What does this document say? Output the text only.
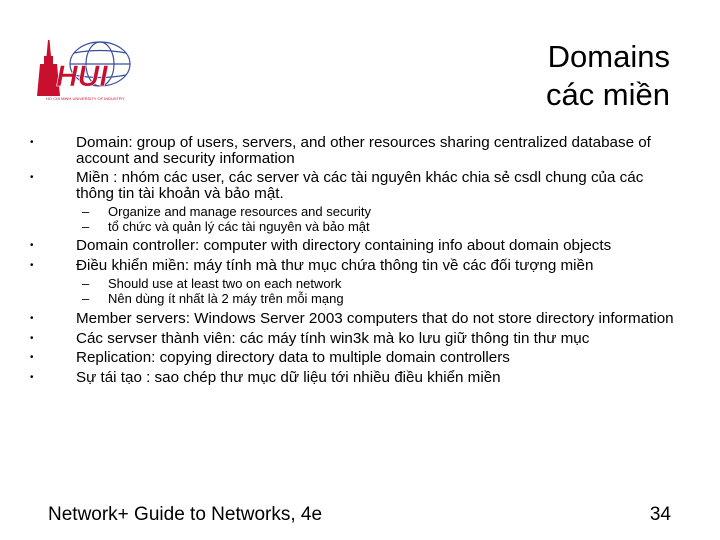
HUI
HO CHI MINH UNIVERSITY OF INDUSTRY
Domains
các miền
•	Domain: group of users, servers, and other resources sharing centralized database of account and security information
•	Miền : nhóm các user, các server và các tài nguyên khác chia sẻ csdl chung của các thông tin tài khoản và bảo mật.
– Organize and manage resources and security
– tổ chức và quản lý các tài nguyên và bảo mật
•	Domain controller: computer with directory containing info about domain objects
•	Điều khiển miền: máy tính mà thư mục chứa thông tin về các đối tượng miền
– Should use at least two on each network
– Nên dùng ít nhất là 2 máy trên mỗi mạng
•	Member servers: Windows Server 2003 computers that do not store directory information
•	Các servser thành viên: các máy tính win3k mà ko lưu giữ thông tin thư mục
•	Replication: copying directory data to multiple domain controllers
•	Sự tái tạo : sao chép thư mục dữ liệu tới nhiều điều khiển miền
Network+ Guide to Networks, 4e	34
